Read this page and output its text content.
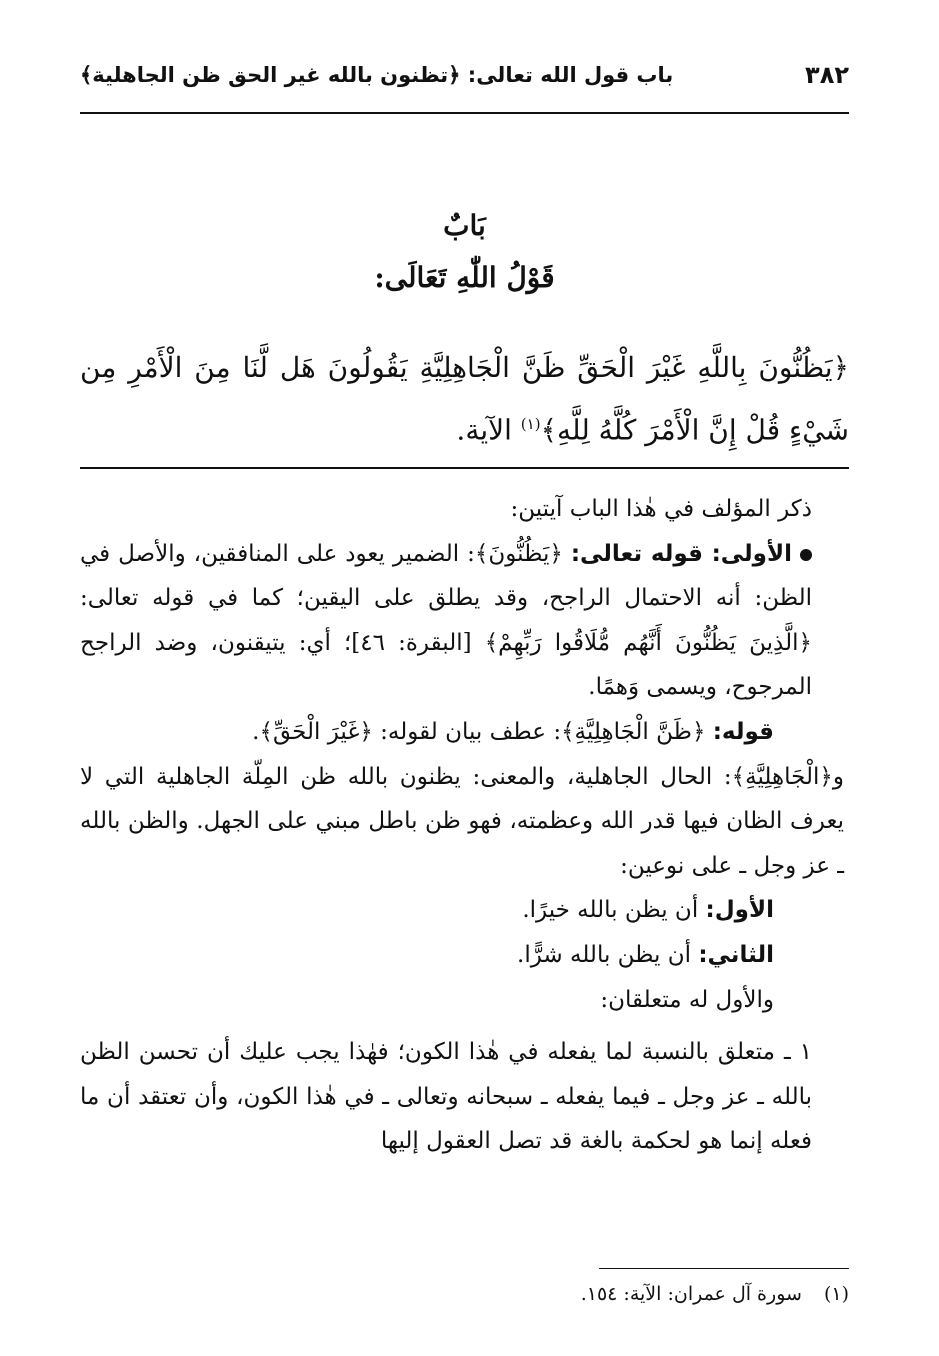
٣٨٢
باب قول الله تعالى: ﴿تظنون بالله غير الحق ظن الجاهلية﴾
بَابٌ
قَوْلُ اللّٰهِ تَعَالَى:
﴿يَظُنُّونَ بِاللَّهِ غَيْرَ الْحَقِّ ظَنَّ الْجَاهِلِيَّةِ يَقُولُونَ هَل لَّنَا مِنَ الْأَمْرِ مِن شَيْءٍ قُلْ إِنَّ الْأَمْرَ كُلَّهُ لِلَّهِ﴾$^{(١)}$ الآية.

ذكر المؤلف في هٰذا الباب آيتين:

الأولى: قوله تعالى: ﴿يَظُنُّونَ﴾: الضمير يعود على المنافقين، والأصل في الظن: أنه الاحتمال الراجح، وقد يطلق على اليقين؛ كما في قوله تعالى: ﴿الَّذِينَ يَظُنُّونَ أَنَّهُم مُّلَاقُوا رَبِّهِمْ﴾ [البقرة: ٤٦]؛ أي: يتيقنون، وضد الراجح المرجوح، ويسمى وَهمًا.

قوله: ﴿ظَنَّ الْجَاهِلِيَّةِ﴾: عطف بيان لقوله: ﴿غَيْرَ الْحَقِّ﴾.

و﴿الْجَاهِلِيَّةِ﴾: الحال الجاهلية، والمعنى: يظنون بالله ظن المِلّة الجاهلية التي لا يعرف الظان فيها قدر الله وعظمته، فهو ظن باطل مبني على الجهل. والظن بالله ـ عز وجل ـ على نوعين:

الأول: أن يظن بالله خيرًا.

الثاني: أن يظن بالله شرًّا.

والأول له متعلقان:

١ ـ متعلق بالنسبة لما يفعله في هٰذا الكون؛ فهٰذا يجب عليك أن تحسن الظن بالله ـ عز وجل ـ فيما يفعله ـ سبحانه وتعالى ـ في هٰذا الكون، وأن تعتقد أن ما فعله إنما هو لحكمة بالغة قد تصل العقول إليها

(١)سورة آل عمران: الآية: ١٥٤.
